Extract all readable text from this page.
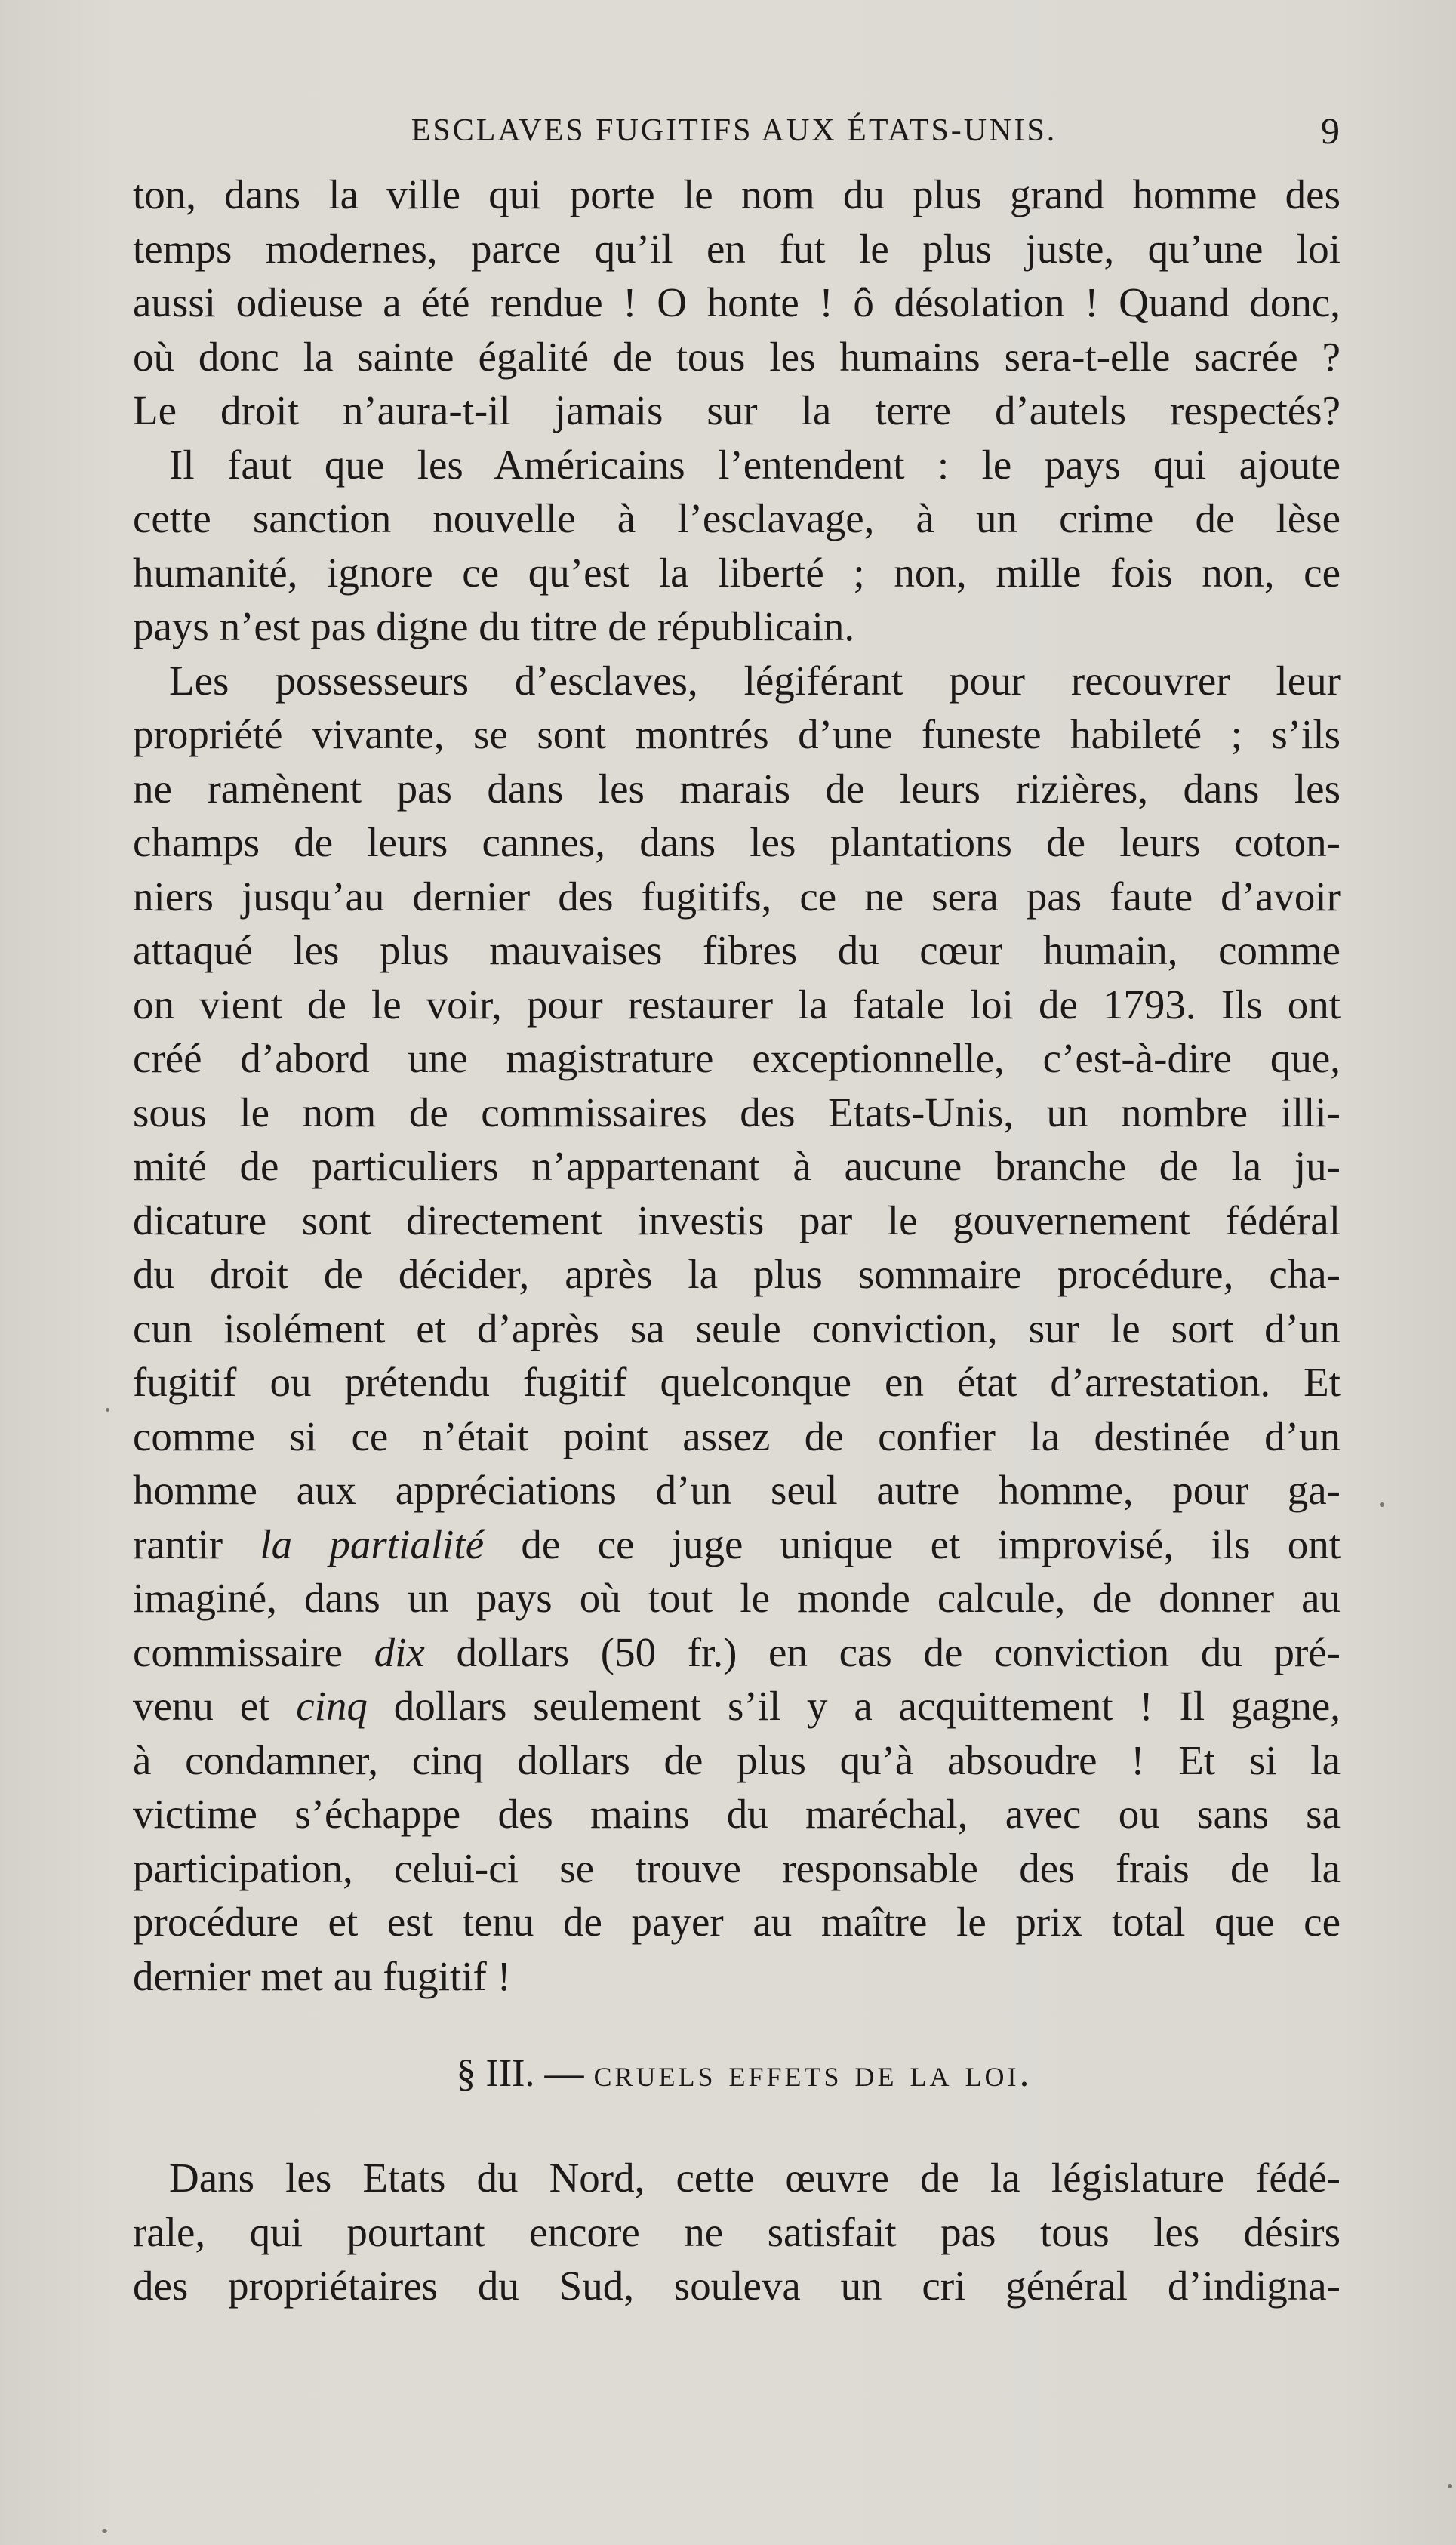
ESCLAVES FUGITIFS AUX ÉTATS-UNIS.	9
ton, dans la ville qui porte le nom du plus grand homme des
temps modernes, parce qu’il en fut le plus juste, qu’une loi
aussi odieuse a été rendue ! O honte ! ô désolation ! Quand donc,
où donc la sainte égalité de tous les humains sera-t-elle sacrée ?
Le droit n’aura-t-il jamais sur la terre d’autels respectés?
Il faut que les Américains l’entendent : le pays qui ajoute
cette sanction nouvelle à l’esclavage, à un crime de lèse
humanité, ignore ce qu’est la liberté ; non, mille fois non, ce
pays n’est pas digne du titre de républicain.
Les possesseurs d’esclaves, légiférant pour recouvrer leur
propriété vivante, se sont montrés d’une funeste habileté ; s’ils
ne ramènent pas dans les marais de leurs rizières, dans les
champs de leurs cannes, dans les plantations de leurs coton-
niers jusqu’au dernier des fugitifs, ce ne sera pas faute d’avoir
attaqué les plus mauvaises fibres du cœur humain, comme
on vient de le voir, pour restaurer la fatale loi de 1793. Ils ont
créé d’abord une magistrature exceptionnelle, c’est-à-dire que,
sous le nom de commissaires des Etats-Unis, un nombre illi-
mité de particuliers n’appartenant à aucune branche de la ju-
dicature sont directement investis par le gouvernement fédéral
du droit de décider, après la plus sommaire procédure, cha-
cun isolément et d’après sa seule conviction, sur le sort d’un
fugitif ou prétendu fugitif quelconque en état d’arrestation. Et
comme si ce n’était point assez de confier la destinée d’un
homme aux appréciations d’un seul autre homme, pour ga-
rantir la partialité de ce juge unique et improvisé, ils ont
imaginé, dans un pays où tout le monde calcule, de donner au
commissaire dix dollars (50 fr.) en cas de conviction du pré-
venu et cinq dollars seulement s’il y a acquittement ! Il gagne,
à condamner, cinq dollars de plus qu’à absoudre ! Et si la
victime s’échappe des mains du maréchal, avec ou sans sa
participation, celui-ci se trouve responsable des frais de la
procédure et est tenu de payer au maître le prix total que ce
dernier met au fugitif !
§ III. — cruels effets de la loi.
Dans les Etats du Nord, cette œuvre de la législature fédé-
rale, qui pourtant encore ne satisfait pas tous les désirs
des propriétaires du Sud, souleva un cri général d’indigna-
